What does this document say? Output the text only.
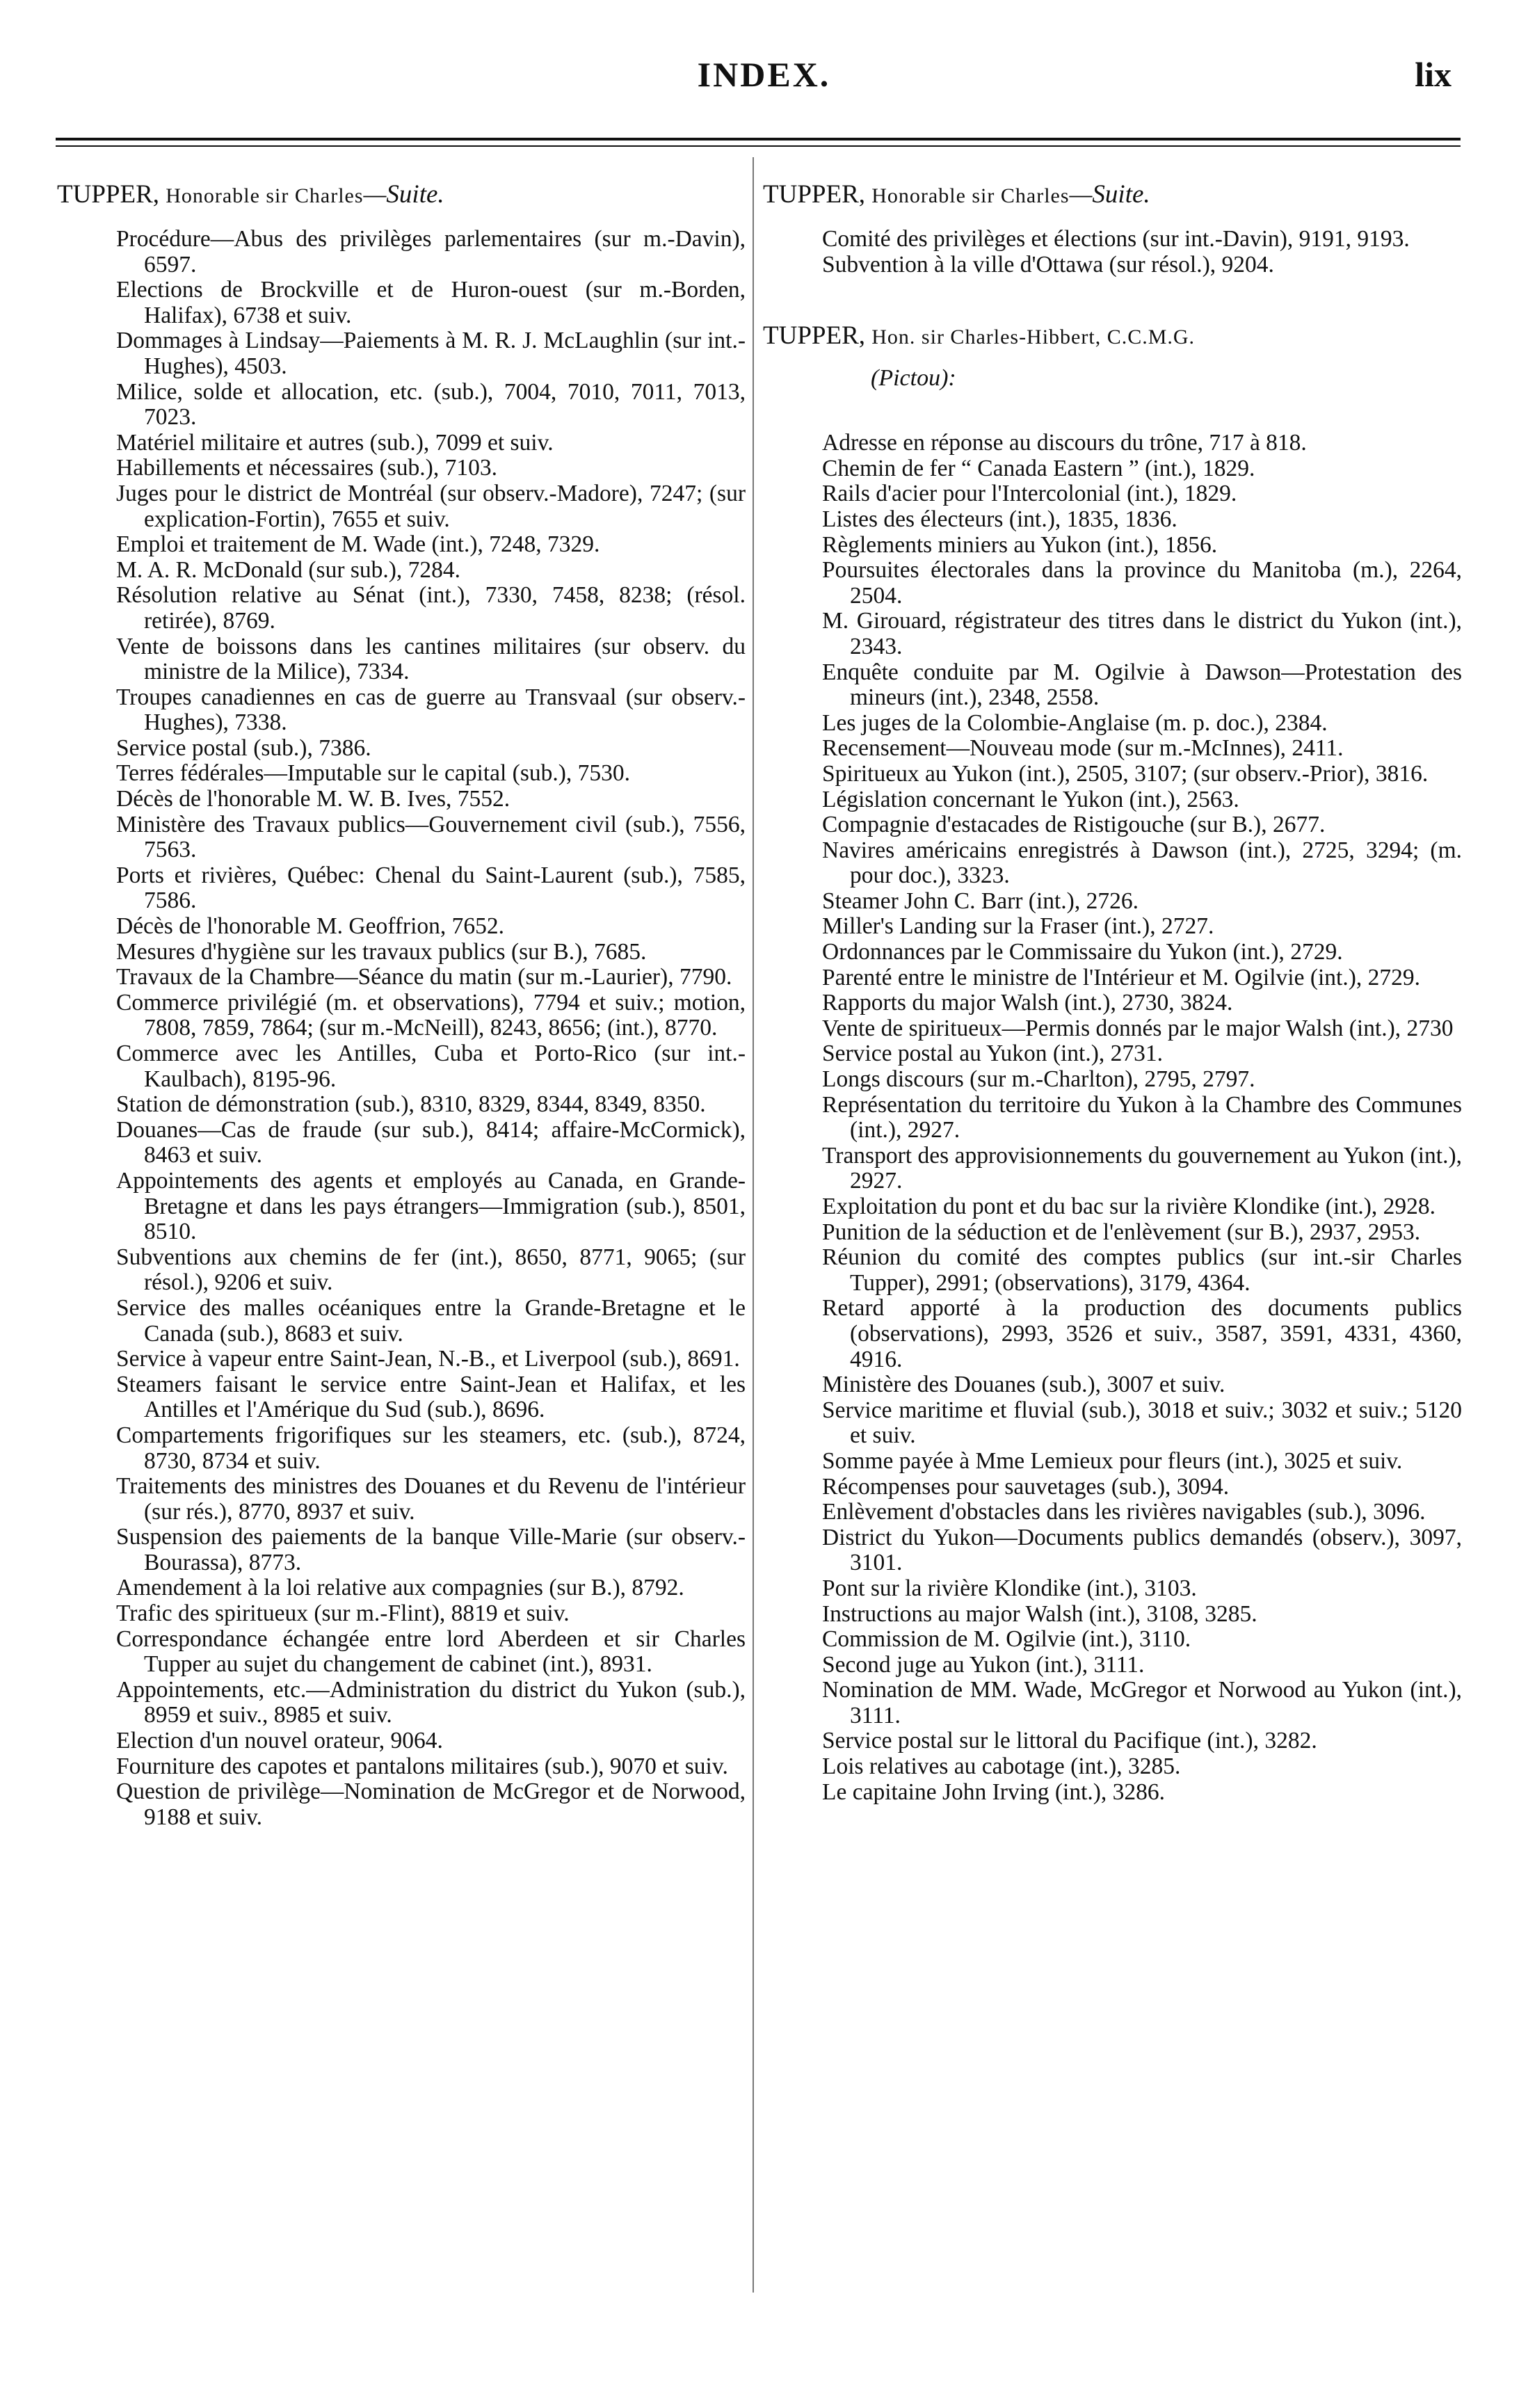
INDEX.	lix
TUPPER, Honorable sir Charles—Suite.
Procédure—Abus des privilèges parlementaires (sur m.-Davin), 6597.
Elections de Brockville et de Huron-ouest (sur m.-Borden, Halifax), 6738 et suiv.
Dommages à Lindsay—Paiements à M. R. J. McLaughlin (sur int.-Hughes), 4503.
Milice, solde et allocation, etc. (sub.), 7004, 7010, 7011, 7013, 7023.
Matériel militaire et autres (sub.), 7099 et suiv.
Habillements et nécessaires (sub.), 7103.
Juges pour le district de Montréal (sur observ.-Madore), 7247; (sur explication-Fortin), 7655 et suiv.
Emploi et traitement de M. Wade (int.), 7248, 7329.
M. A. R. McDonald (sur sub.), 7284.
Résolution relative au Sénat (int.), 7330, 7458, 8238; (résol. retirée), 8769.
Vente de boissons dans les cantines militaires (sur observ. du ministre de la Milice), 7334.
Troupes canadiennes en cas de guerre au Transvaal (sur observ.-Hughes), 7338.
Service postal (sub.), 7386.
Terres fédérales—Imputable sur le capital (sub.), 7530.
Décès de l'honorable M. W. B. Ives, 7552.
Ministère des Travaux publics—Gouvernement civil (sub.), 7556, 7563.
Ports et rivières, Québec: Chenal du Saint-Laurent (sub.), 7585, 7586.
Décès de l'honorable M. Geoffrion, 7652.
Mesures d'hygiène sur les travaux publics (sur B.), 7685.
Travaux de la Chambre—Séance du matin (sur m.-Laurier), 7790.
Commerce privilégié (m. et observations), 7794 et suiv.; motion, 7808, 7859, 7864; (sur m.-McNeill), 8243, 8656; (int.), 8770.
Commerce avec les Antilles, Cuba et Porto-Rico (sur int.-Kaulbach), 8195-96.
Station de démonstration (sub.), 8310, 8329, 8344, 8349, 8350.
Douanes—Cas de fraude (sur sub.), 8414; affaire-McCormick), 8463 et suiv.
Appointements des agents et employés au Canada, en Grande-Bretagne et dans les pays étrangers—Immigration (sub.), 8501, 8510.
Subventions aux chemins de fer (int.), 8650, 8771, 9065; (sur résol.), 9206 et suiv.
Service des malles océaniques entre la Grande-Bretagne et le Canada (sub.), 8683 et suiv.
Service à vapeur entre Saint-Jean, N.-B., et Liverpool (sub.), 8691.
Steamers faisant le service entre Saint-Jean et Halifax, et les Antilles et l'Amérique du Sud (sub.), 8696.
Compartements frigorifiques sur les steamers, etc. (sub.), 8724, 8730, 8734 et suiv.
Traitements des ministres des Douanes et du Revenu de l'intérieur (sur rés.), 8770, 8937 et suiv.
Suspension des paiements de la banque Ville-Marie (sur observ.-Bourassa), 8773.
Amendement à la loi relative aux compagnies (sur B.), 8792.
Trafic des spiritueux (sur m.-Flint), 8819 et suiv.
Correspondance échangée entre lord Aberdeen et sir Charles Tupper au sujet du changement de cabinet (int.), 8931.
Appointements, etc.—Administration du district du Yukon (sub.), 8959 et suiv., 8985 et suiv.
Election d'un nouvel orateur, 9064.
Fourniture des capotes et pantalons militaires (sub.), 9070 et suiv.
Question de privilège—Nomination de McGregor et de Norwood, 9188 et suiv.
TUPPER, Honorable sir Charles—Suite.
Comité des privilèges et élections (sur int.-Davin), 9191, 9193.
Subvention à la ville d'Ottawa (sur résol.), 9204.
TUPPER, Hon. sir Charles-Hibbert, C.C.M.G.
(Pictou):
Adresse en réponse au discours du trône, 717 à 818.
Chemin de fer “ Canada Eastern ” (int.), 1829.
Rails d'acier pour l'Intercolonial (int.), 1829.
Listes des électeurs (int.), 1835, 1836.
Règlements miniers au Yukon (int.), 1856.
Poursuites électorales dans la province du Manitoba (m.), 2264, 2504.
M. Girouard, régistrateur des titres dans le district du Yukon (int.), 2343.
Enquête conduite par M. Ogilvie à Dawson—Protestation des mineurs (int.), 2348, 2558.
Les juges de la Colombie-Anglaise (m. p. doc.), 2384.
Recensement—Nouveau mode (sur m.-McInnes), 2411.
Spiritueux au Yukon (int.), 2505, 3107; (sur observ.-Prior), 3816.
Législation concernant le Yukon (int.), 2563.
Compagnie d'estacades de Ristigouche (sur B.), 2677.
Navires américains enregistrés à Dawson (int.), 2725, 3294; (m. pour doc.), 3323.
Steamer John C. Barr (int.), 2726.
Miller's Landing sur la Fraser (int.), 2727.
Ordonnances par le Commissaire du Yukon (int.), 2729.
Parenté entre le ministre de l'Intérieur et M. Ogilvie (int.), 2729.
Rapports du major Walsh (int.), 2730, 3824.
Vente de spiritueux—Permis donnés par le major Walsh (int.), 2730
Service postal au Yukon (int.), 2731.
Longs discours (sur m.-Charlton), 2795, 2797.
Représentation du territoire du Yukon à la Chambre des Communes (int.), 2927.
Transport des approvisionnements du gouvernement au Yukon (int.), 2927.
Exploitation du pont et du bac sur la rivière Klondike (int.), 2928.
Punition de la séduction et de l'enlèvement (sur B.), 2937, 2953.
Réunion du comité des comptes publics (sur int.-sir Charles Tupper), 2991; (observations), 3179, 4364.
Retard apporté à la production des documents publics (observations), 2993, 3526 et suiv., 3587, 3591, 4331, 4360, 4916.
Ministère des Douanes (sub.), 3007 et suiv.
Service maritime et fluvial (sub.), 3018 et suiv.; 3032 et suiv.; 5120 et suiv.
Somme payée à Mme Lemieux pour fleurs (int.), 3025 et suiv.
Récompenses pour sauvetages (sub.), 3094.
Enlèvement d'obstacles dans les rivières navigables (sub.), 3096.
District du Yukon—Documents publics demandés (observ.), 3097, 3101.
Pont sur la rivière Klondike (int.), 3103.
Instructions au major Walsh (int.), 3108, 3285.
Commission de M. Ogilvie (int.), 3110.
Second juge au Yukon (int.), 3111.
Nomination de MM. Wade, McGregor et Norwood au Yukon (int.), 3111.
Service postal sur le littoral du Pacifique (int.), 3282.
Lois relatives au cabotage (int.), 3285.
Le capitaine John Irving (int.), 3286.
